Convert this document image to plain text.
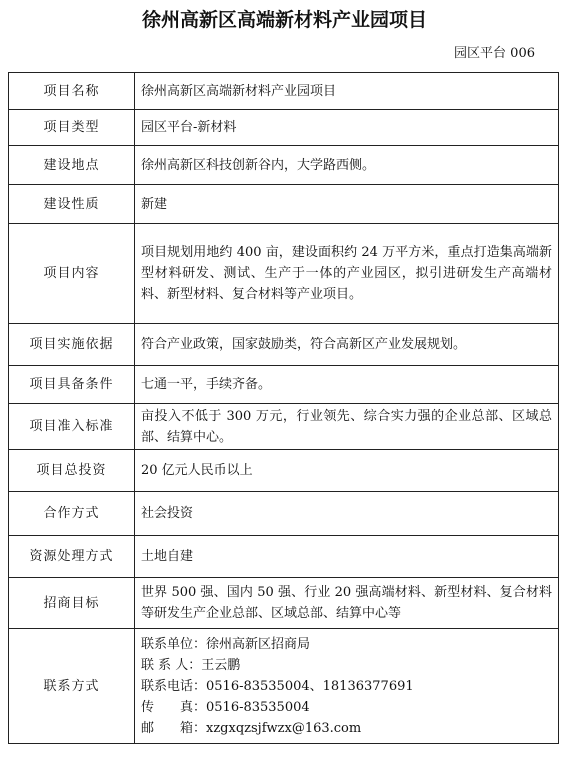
徐州高新区高端新材料产业园项目
园区平台 006
项目名称	徐州高新区高端新材料产业园项目
项目类型	园区平台-新材料
建设地点	徐州高新区科技创新谷内，大学路西侧。
建设性质	新建
项目内容	项目规划用地约 400 亩，建设面积约 24 万平方米，重点打造集高端新型材料研发、测试、生产于一体的产业园区，拟引进研发生产高端材料、新型材料、复合材料等产业项目。
项目实施依据	符合产业政策，国家鼓励类，符合高新区产业发展规划。
项目具备条件	七通一平，手续齐备。
项目准入标准	亩投入不低于 300 万元，行业领先、综合实力强的企业总部、区域总部、结算中心。
项目总投资	20 亿元人民币以上
合作方式	社会投资
资源处理方式	土地自建
招商目标	世界 500 强、国内 50 强、行业 20 强高端材料、新型材料、复合材料等研发生产企业总部、区域总部、结算中心等
联系方式	联系单位：徐州高新区招商局
联 系 人：王云鹏
联系电话：0516-83535004、18136377691
传　　真：0516-83535004
邮　　箱：xzgxqzsjfwzx@163.com
